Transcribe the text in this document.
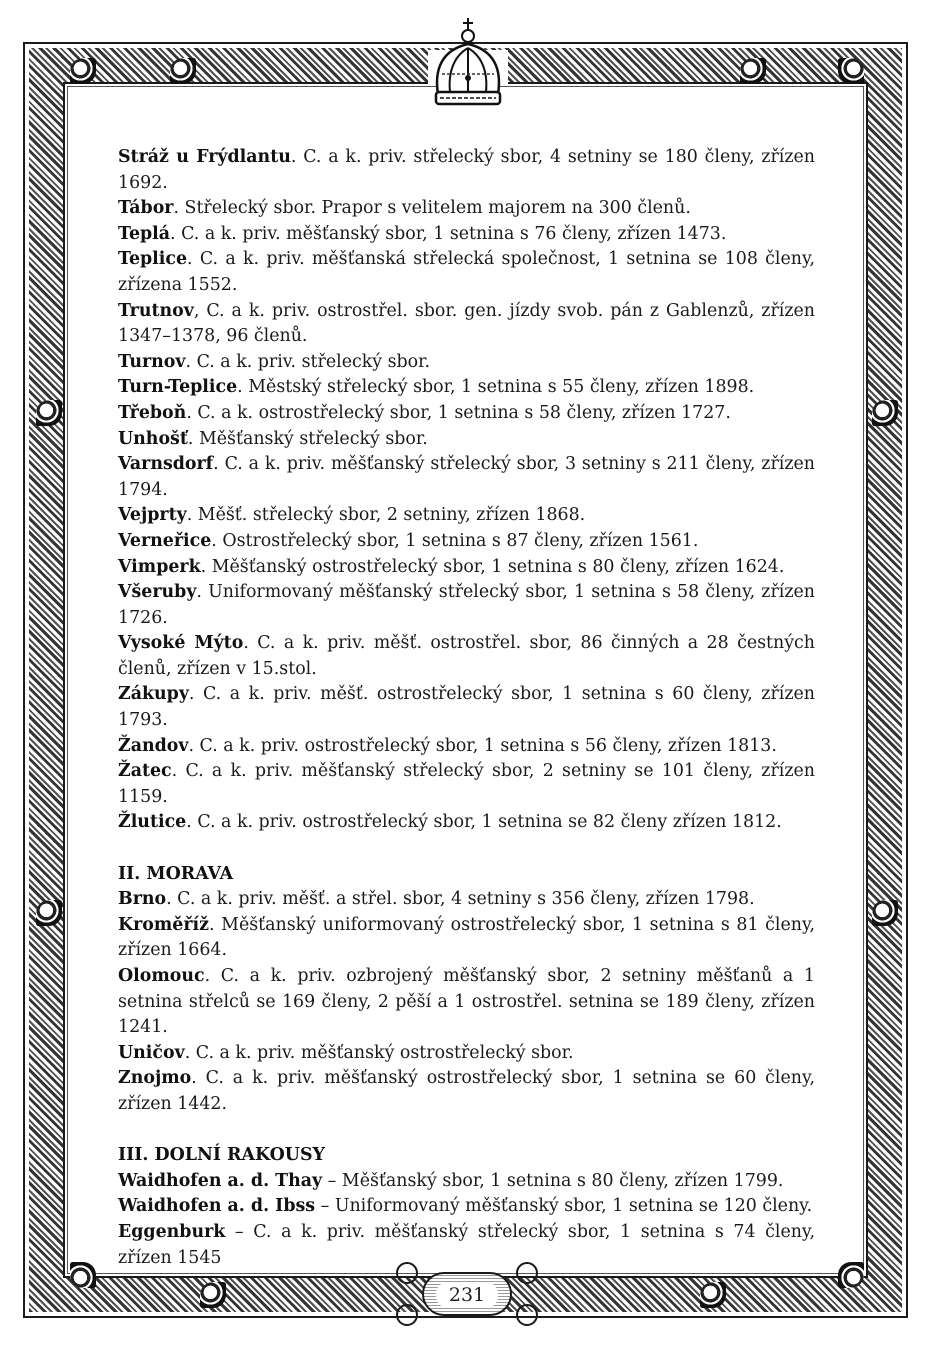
Stráž u Frýdlantu. C. a k. priv. střelecký sbor, 4 setniny se 180 členy, zřízen 1692.

Tábor. Střelecký sbor. Prapor s velitelem majorem na 300 členů.

Teplá. C. a k. priv. měšťanský sbor, 1 setnina s 76 členy, zřízen 1473.

Teplice. C. a k. priv. měšťanská střelecká společnost, 1 setnina se 108 členy, zřízena 1552.

Trutnov, C. a k. priv. ostrostřel. sbor. gen. jízdy svob. pán z Gablenzů, zřízen 1347–1378, 96 členů.

Turnov. C. a k. priv. střelecký sbor.

Turn-Teplice. Městský střelecký sbor, 1 setnina s 55 členy, zřízen 1898.

Třeboň. C. a k. ostrostřelecký sbor, 1 setnina s 58 členy, zřízen 1727.

Unhošť. Měšťanský střelecký sbor.

Varnsdorf. C. a k. priv. měšťanský střelecký sbor, 3 setniny s 211 členy, zřízen 1794.

Vejprty. Měšť. střelecký sbor, 2 setniny, zřízen 1868.

Verneřice. Ostrostřelecký sbor, 1 setnina s 87 členy, zřízen 1561.

Vimperk. Měšťanský ostrostřelecký sbor, 1 setnina s 80 členy, zřízen 1624.

Všeruby. Uniformovaný měšťanský střelecký sbor, 1 setnina s 58 členy, zřízen 1726.

Vysoké Mýto. C. a k. priv. měšť. ostrostřel. sbor, 86 činných a 28 čestných členů, zřízen v 15.stol.

Zákupy. C. a k. priv. měšť. ostrostřelecký sbor, 1 setnina s 60 členy, zřízen 1793.

Žandov. C. a k. priv. ostrostřelecký sbor, 1 setnina s 56 členy, zřízen 1813.

Žatec. C. a k. priv. měšťanský střelecký sbor, 2 setniny se 101 členy, zřízen 1159.

Žlutice. C. a k. priv. ostrostřelecký sbor, 1 setnina se 82 členy zřízen 1812.

II. MORAVA

Brno. C. a k. priv. měšť. a střel. sbor, 4 setniny s 356 členy, zřízen 1798.

Kroměříž. Měšťanský uniformovaný ostrostřelecký sbor, 1 setnina s 81 členy, zřízen 1664.

Olomouc. C. a k. priv. ozbrojený měšťanský sbor, 2 setniny měšťanů a 1 setnina střelců se 169 členy, 2 pěší a 1 ostrostřel. setnina se 189 členy, zřízen 1241.

Uničov. C. a k. priv. měšťanský ostrostřelecký sbor.

Znojmo. C. a k. priv. měšťanský ostrostřelecký sbor, 1 setnina se 60 členy, zřízen 1442.

III. DOLNÍ RAKOUSY

Waidhofen a. d. Thay – Měšťanský sbor, 1 setnina s 80 členy, zřízen 1799.

Waidhofen a. d. Ibss – Uniformovaný měšťanský sbor, 1 setnina se 120 členy.

Eggenburk – C. a k. priv. měšťanský střelecký sbor, 1 setnina s 74 členy, zřízen 1545

231
